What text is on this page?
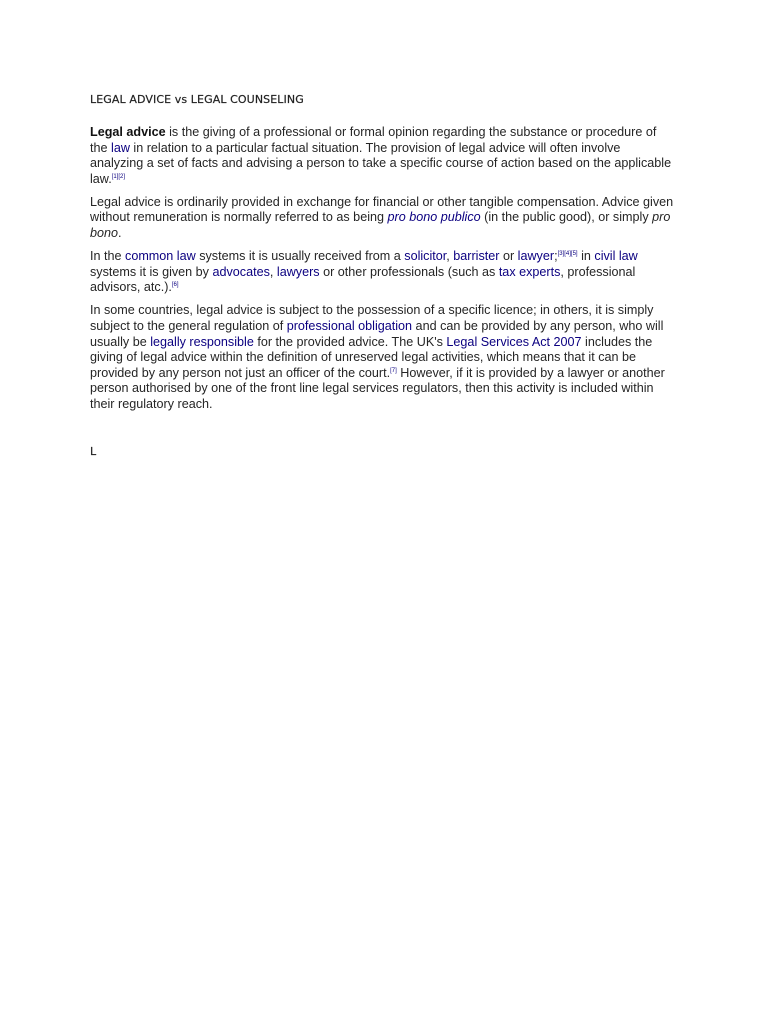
LEGAL ADVICE vs LEGAL COUNSELING

Legal advice is the giving of a professional or formal opinion regarding the substance or procedure of the law in relation to a particular factual situation. The provision of legal advice will often involve analyzing a set of facts and advising a person to take a specific course of action based on the applicable law.[1][2]

Legal advice is ordinarily provided in exchange for financial or other tangible compensation. Advice given without remuneration is normally referred to as being pro bono publico (in the public good), or simply pro bono.

In the common law systems it is usually received from a solicitor, barrister or lawyer;[3][4][5] in civil law systems it is given by advocates, lawyers or other professionals (such as tax experts, professional advisors, atc.).[6]

In some countries, legal advice is subject to the possession of a specific licence; in others, it is simply subject to the general regulation of professional obligation and can be provided by any person, who will usually be legally responsible for the provided advice. The UK's Legal Services Act 2007 includes the giving of legal advice within the definition of unreserved legal activities, which means that it can be provided by any person not just an officer of the court.[7] However, if it is provided by a lawyer or another person authorised by one of the front line legal services regulators, then this activity is included within their regulatory reach.

L
